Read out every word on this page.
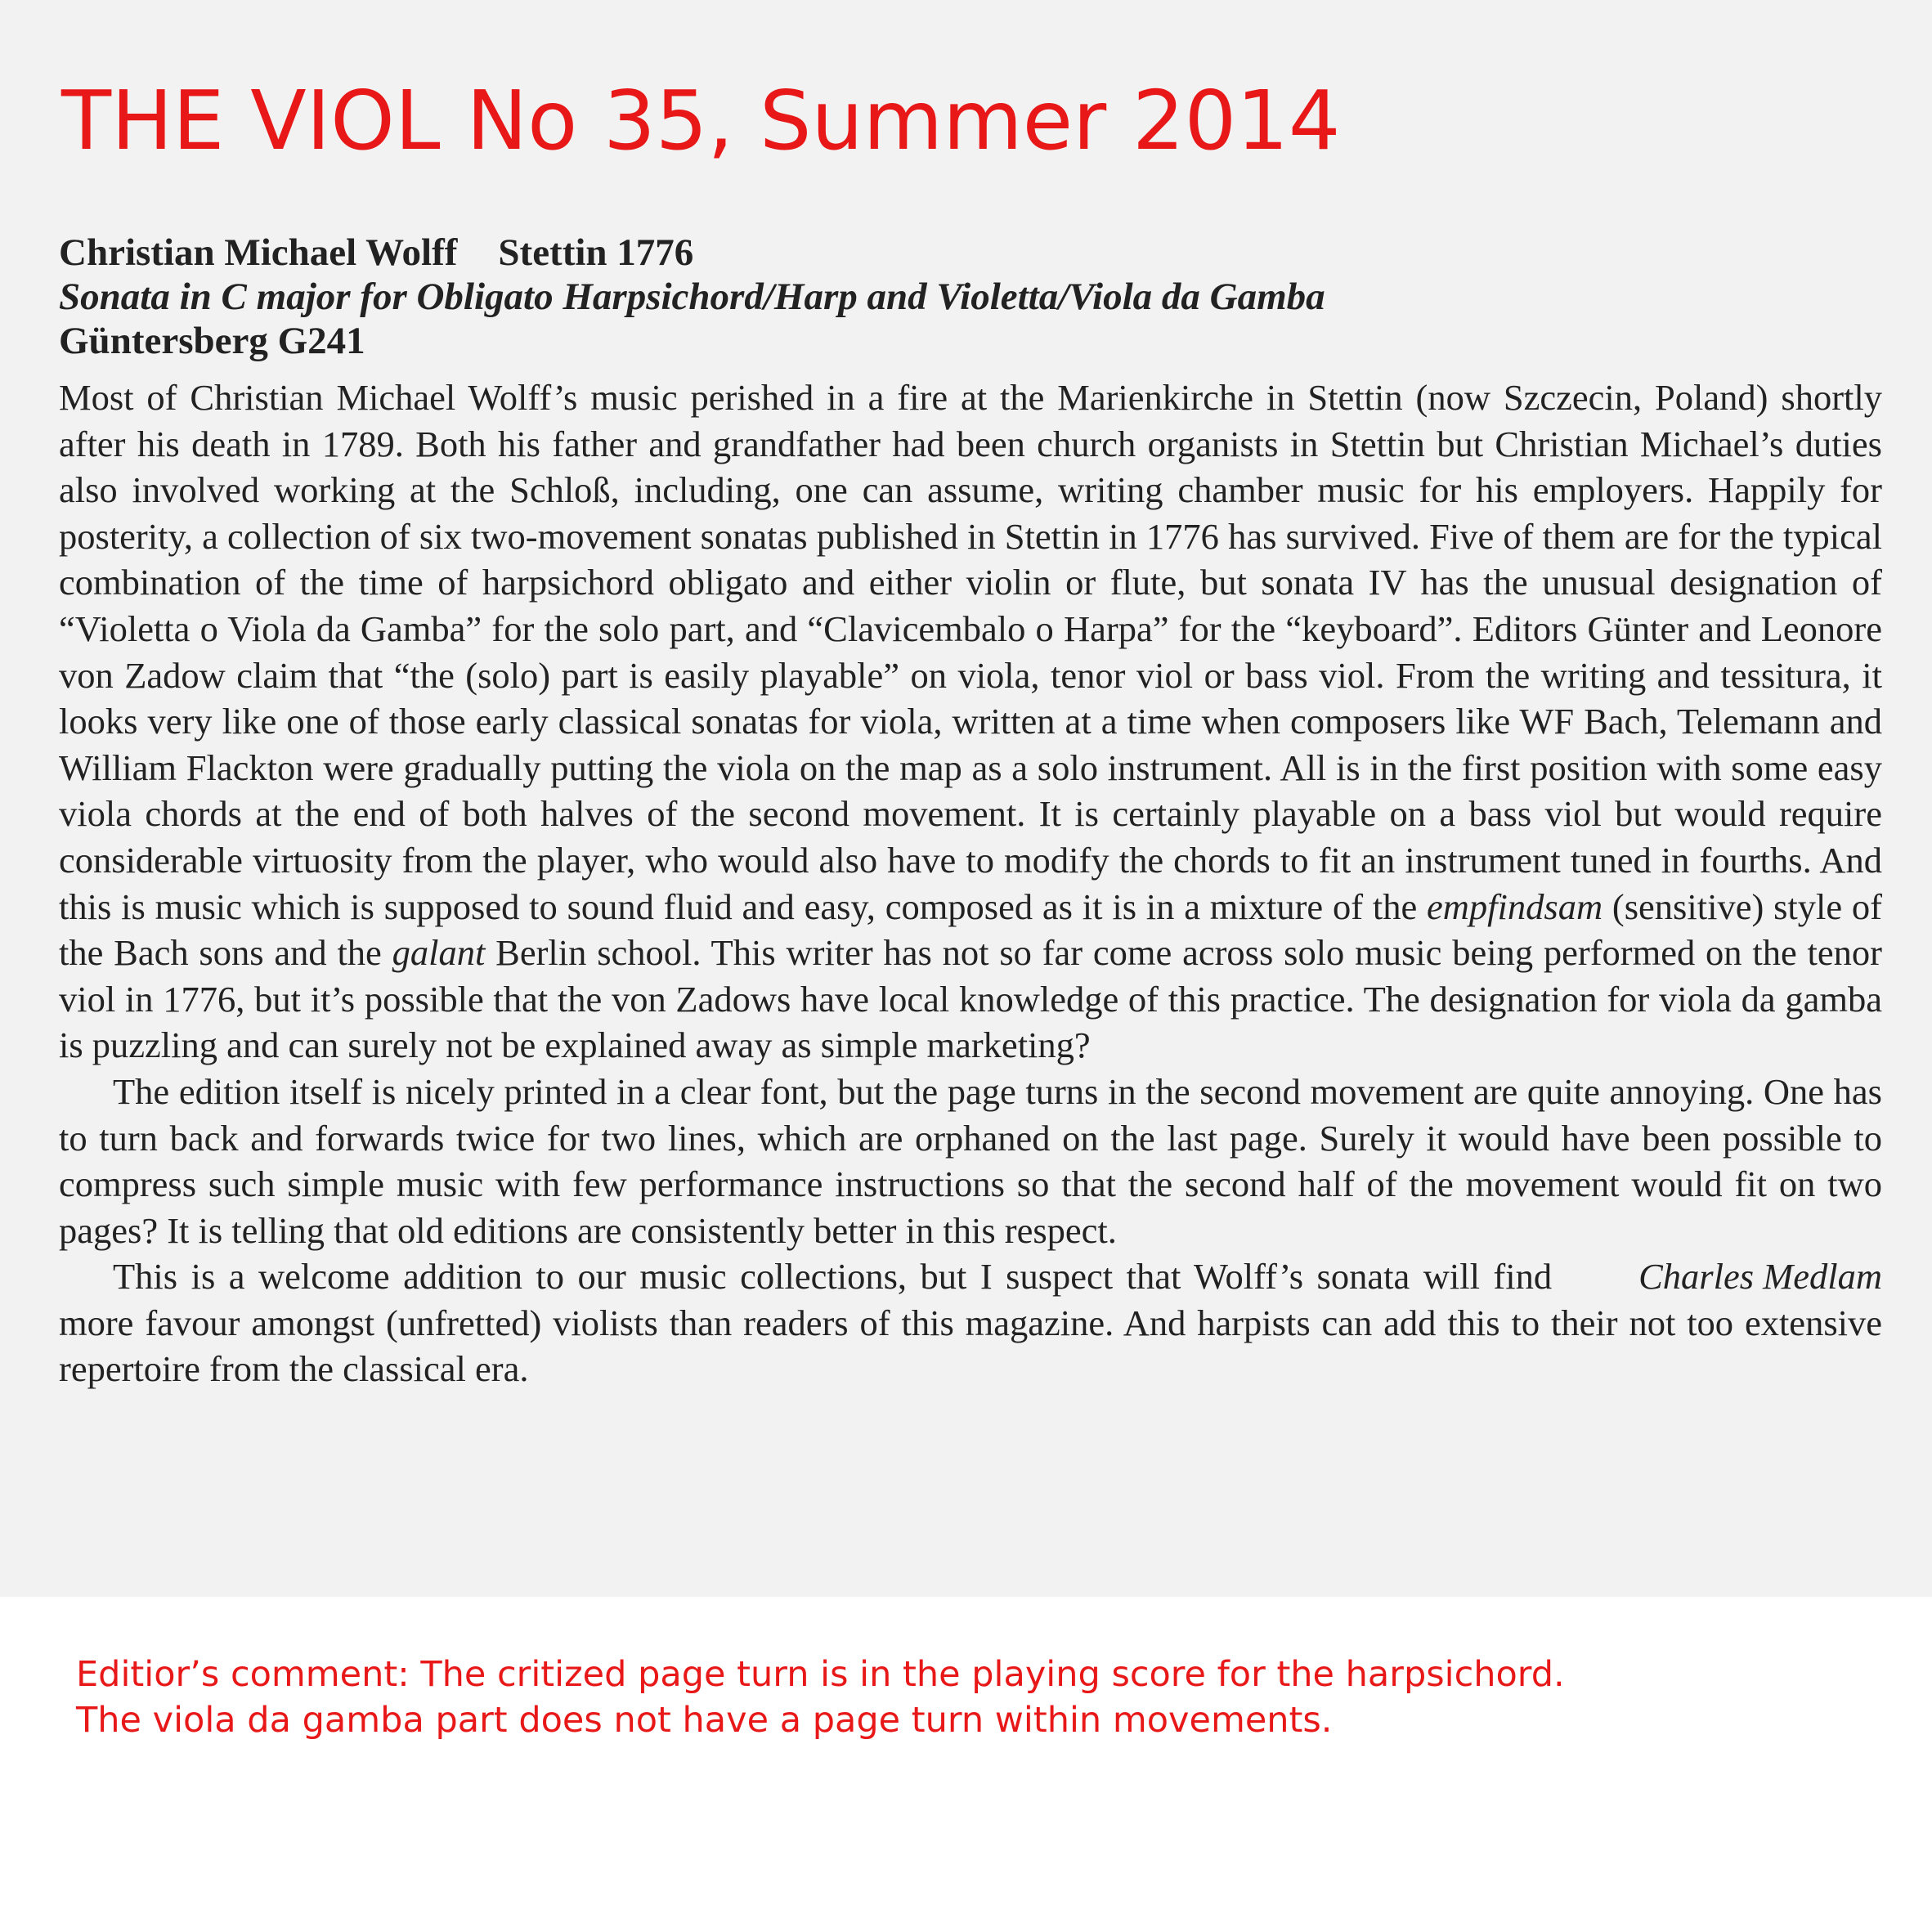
THE VIOL No 35, Summer 2014
Christian Michael Wolff Stettin 1776
Sonata in C major for Obligato Harpsichord/Harp and Violetta/Viola da Gamba
Güntersberg G241

Most of Christian Michael Wolff’s music perished in a fire at the Marienkirche in Stettin (now Szczecin, Poland) shortly after his death in 1789. Both his father and grandfather had been church organists in Stettin but Christian Michael’s duties also involved working at the Schloß, including, one can assume, writing chamber music for his employers. Happily for posterity, a collection of six two-movement sonatas published in Stettin in 1776 has survived. Five of them are for the typical combination of the time of harpsichord obligato and either violin or flute, but sonata IV has the unusual designation of “Violetta o Viola da Gamba” for the solo part, and “Clavicembalo o Harpa” for the “keyboard”. Editors Günter and Leonore von Zadow claim that “the (solo) part is easily playable” on viola, tenor viol or bass viol. From the writing and tessitura, it looks very like one of those early classical sonatas for viola, written at a time when composers like WF Bach, Telemann and William Flackton were gradually putting the viola on the map as a solo instrument. All is in the first position with some easy viola chords at the end of both halves of the second movement. It is certainly playable on a bass viol but would require considerable virtuosity from the player, who would also have to modify the chords to fit an instrument tuned in fourths. And this is music which is supposed to sound fluid and easy, composed as it is in a mixture of the empfindsam (sensitive) style of the Bach sons and the galant Berlin school. This writer has not so far come across solo music being performed on the tenor viol in 1776, but it’s possible that the von Zadows have local knowledge of this practice. The designation for viola da gamba is puzzling and can surely not be explained away as simple marketing?

The edition itself is nicely printed in a clear font, but the page turns in the second movement are quite annoying. One has to turn back and forwards twice for two lines, which are orphaned on the last page. Surely it would have been possible to compress such simple music with few performance instructions so that the second half of the movement would fit on two pages? It is telling that old editions are consistently better in this respect.

Charles Medlam
This is a welcome addition to our music collections, but I suspect that Wolff’s sonata will find more favour amongst (unfretted) violists than readers of this magazine. And harpists can add this to their not too extensive repertoire from the classical era.

Editior’s comment: The critized page turn is in the playing score for the harpsichord.
The viola da gamba part does not have a page turn within movements.
